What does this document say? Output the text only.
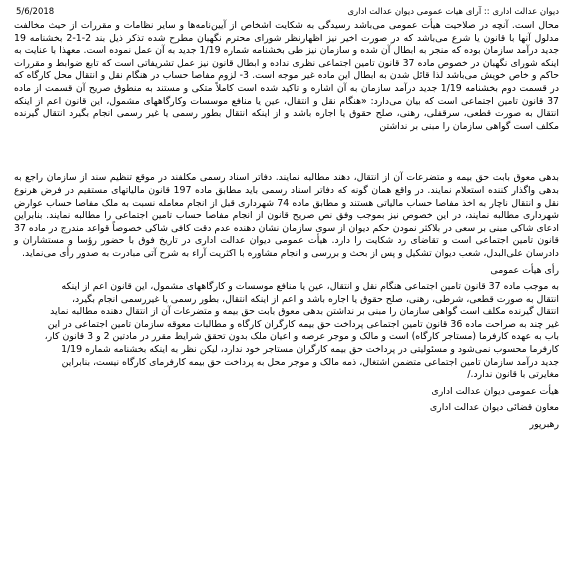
5/6/2018	دیوان عدالت اداری :: آرای هیات عمومی دیوان عدالت اداری

محال است. آنچه در صلاحیت هیأت عمومی می‌باشد رسیدگی به شکایت اشخاص از آیین‌نامه‌ها و سایر نظامات و مقررات از حیث مخالفت مدلول آنها با قانون یا شرع می‌باشد که در صورت اخیر نیز اظهارنظر شورای محترم نگهبان مطرح شده تذکر ذیل بند 2-1-2 بخشنامه 19 جدید درآمد سازمان بوده که منجر به ابطال آن شده و سازمان نیز طی بخشنامه شماره 1/19 جدید به آن عمل نموده است. معهذا با عنایت به اینکه شورای نگهبان در خصوص ماده 37 قانون تامین اجتماعی نظری نداده و ابطال قانون نیز عمل تشریفاتی است که تابع ضوابط و مقررات حاکم و خاص خویش می‌باشد لذا قائل شدن به ابطال این ماده غیر موجه است. 3- لزوم مفاصا حساب در هنگام نقل و انتقال محل کارگاه که در قسمت دوم بخشنامه 1/19 جدید درآمد سازمان به آن اشاره و تاکید شده است کاملاً متکی و مستند به منطوق صریح آن قسمت از ماده 37 قانون تامین اجتماعی است که بیان می‌دارد: «هنگام نقل و انتقال، عین یا منافع موسسات وکارگاههای مشمول، این قانون اعم از اینکه انتقال به صورت قطعی، سرقفلی، رهنی، صلح حقوق یا اجاره باشد و از اینکه انتقال بطور رسمی یا غیر رسمی انجام بگیرد انتقال گیرنده مکلف است گواهی سازمان را مبنی بر نداشتن

بدهی معوق بابت حق بیمه و متضرعات آن از انتقال، دهند مطالبه نمایند. دفاتر اسناد رسمی مکلفند در موقع تنظیم سند از سازمان راجع به بدهی واگذار کننده استعلام نمایند. در واقع همان گونه که دفاتر اسناد رسمی باید مطابق ماده 197 قانون مالیاتهای مستقیم در فرض هرنوع نقل و انتقال ناچار به اخذ مفاصا حساب مالیاتی هستند و مطابق ماده 74 شهرداری قبل از انجام معامله نسبت به ملک مفاصا حساب عوارض شهرداری مطالبه نمایند، در این خصوص نیز بموجب وفق نص صریح قانون از انجام مفاصا حساب تامین اجتماعی را مطالبه نمایند. بنابراین ادعای شاکی مبنی بر سعی در بلاکثر نمودن حکم دیوان از سوی سازمان نشان دهنده عدم دقت کافی شاکی خصوصاً قواعد مندرج در ماده 37 قانون تامین اجتماعی است و تقاضای رد شکایت را دارد. هیأت عمومی دیوان عدالت اداری در تاریخ فوق با حضور رؤسا و مستشاران و دادرسان علی‌البدل، شعب دیوان تشکیل و پس از بحث و بررسی و انجام مشاوره با اکثریت آراء به شرح آتی مبادرت به صدور رأی می‌نماید.

رأی هیأت عمومی

به موجب ماده 37 قانون تامین اجتماعی هنگام نقل و انتقال، عین یا منافع موسسات و کارگاههای مشمول، این قانون اعم از اینکه

انتقال به صورت قطعی، شرطی، رهنی، صلح حقوق یا اجاره باشد و اعم از اینکه انتقال، بطور رسمی یا غیررسمی انجام بگیرد،

انتقال گیرنده مکلف است گواهی سازمان را مبنی بر نداشتن بدهی معوق بابت حق بیمه و متضرعات آن از انتقال دهنده مطالبه نماید

غیر چند به صراحت ماده 36 قانون تامین اجتماعی پرداخت حق بیمه کارگران کارگاه و مطالبات معوقه سازمان تامین اجتماعی در این

باب به عهده کارفرما (مستاجر کارگاه) است و مالک و موجر عرصه و اعیان ملک بدون تحقق شرایط مقرر در مادتین 2 و 3 قانون کار،

کارفرما محسوب نمی‌شود و مسئولیتی در پرداخت حق بیمه کارگران مستاجر خود ندارد، لیکن نظر به اینکه بخشنامه شماره 1/19

جدید درآمد سازمان تامین اجتماعی متضمن اشتغال، ذمه مالک و موجر محل به پرداخت حق بیمه کارفرمای کارگاه نیست، بنابراین

مغایرتی با قانون ندارد./

هیأت عمومی دیوان عدالت اداری

معاون قضائی دیوان عدالت اداری

رهبرپور
